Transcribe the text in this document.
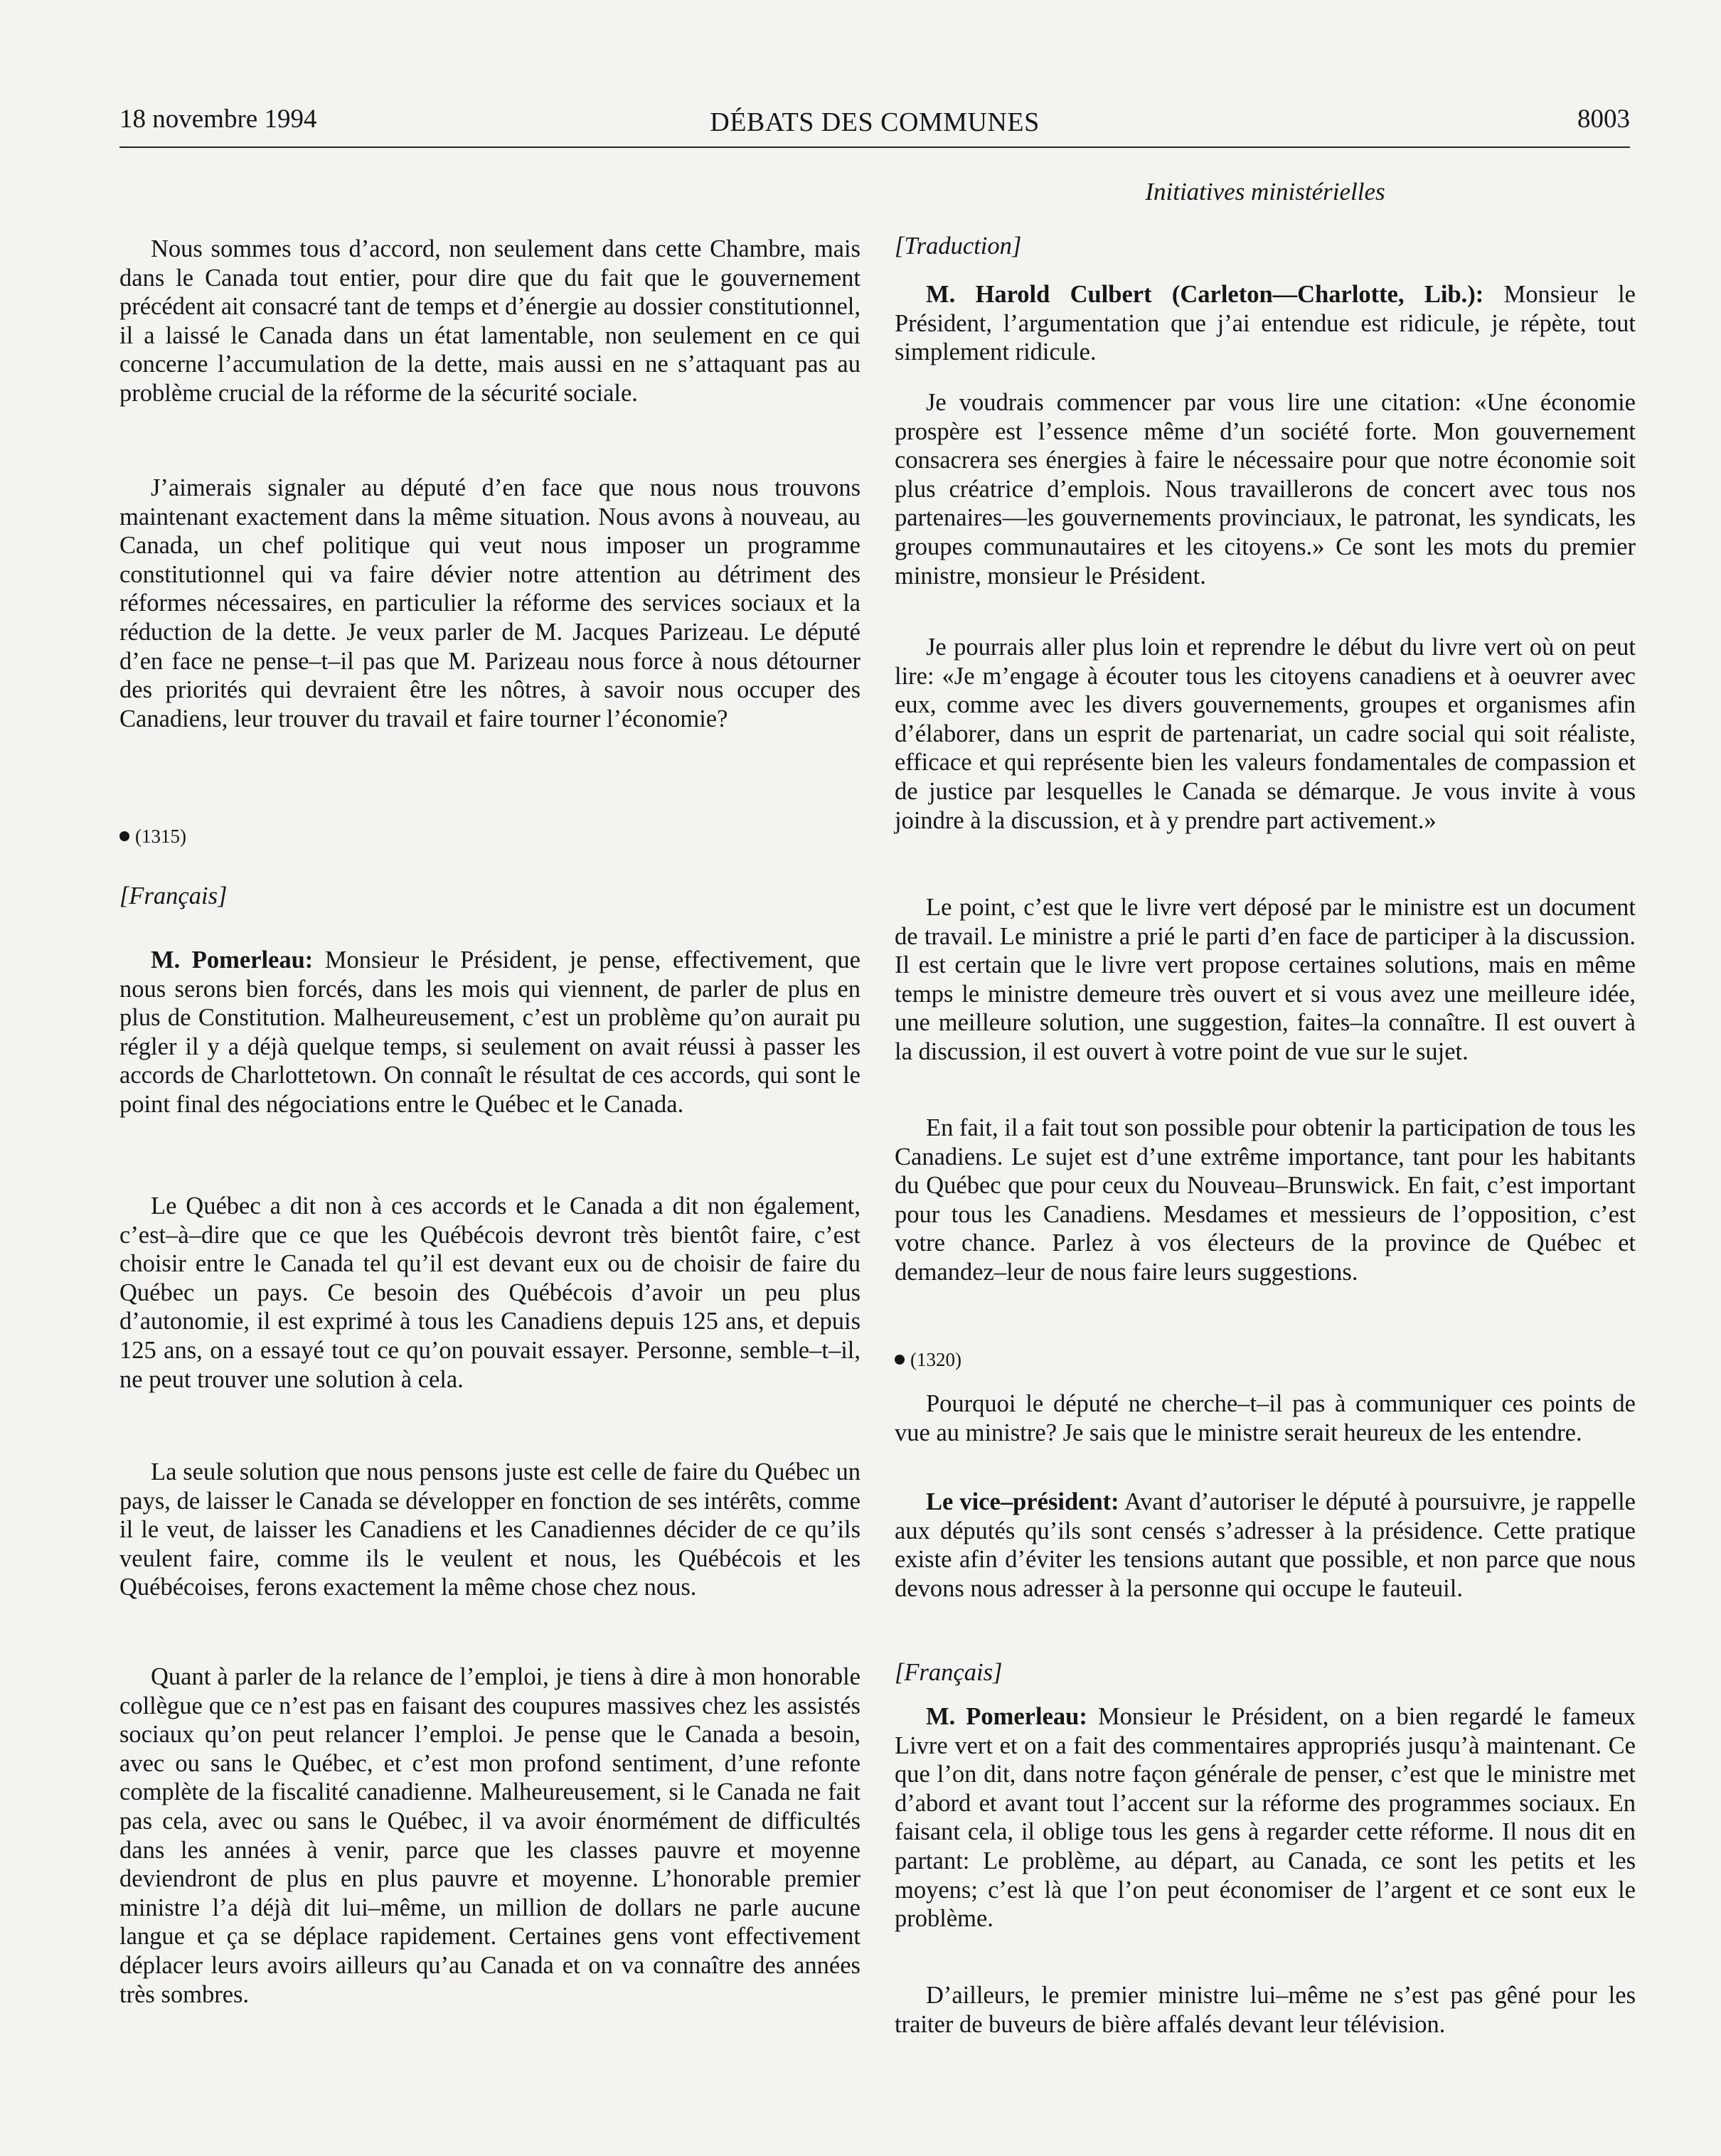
18 novembre 1994	DÉBATS DES COMMUNES	8003
Initiatives ministérielles

Nous sommes tous d’accord, non seulement dans cette Chambre, mais dans le Canada tout entier, pour dire que du fait que le gouvernement précédent ait consacré tant de temps et d’énergie au dossier constitutionnel, il a laissé le Canada dans un état lamentable, non seulement en ce qui concerne l’accumulation de la dette, mais aussi en ne s’attaquant pas au problème crucial de la réforme de la sécurité sociale.

J’aimerais signaler au député d’en face que nous nous trouvons maintenant exactement dans la même situation. Nous avons à nouveau, au Canada, un chef politique qui veut nous imposer un programme constitutionnel qui va faire dévier notre attention au détriment des réformes nécessaires, en particulier la réforme des services sociaux et la réduction de la dette. Je veux parler de M. Jacques Parizeau. Le député d’en face ne pense–t–il pas que M. Parizeau nous force à nous détourner des priorités qui devraient être les nôtres, à savoir nous occuper des Canadiens, leur trouver du travail et faire tourner l’économie?

(1315)

[Français]

M. Pomerleau: Monsieur le Président, je pense, effectivement, que nous serons bien forcés, dans les mois qui viennent, de parler de plus en plus de Constitution. Malheureusement, c’est un problème qu’on aurait pu régler il y a déjà quelque temps, si seulement on avait réussi à passer les accords de Charlottetown. On connaît le résultat de ces accords, qui sont le point final des négociations entre le Québec et le Canada.

Le Québec a dit non à ces accords et le Canada a dit non également, c’est–à–dire que ce que les Québécois devront très bientôt faire, c’est choisir entre le Canada tel qu’il est devant eux ou de choisir de faire du Québec un pays. Ce besoin des Québécois d’avoir un peu plus d’autonomie, il est exprimé à tous les Canadiens depuis 125 ans, et depuis 125 ans, on a essayé tout ce qu’on pouvait essayer. Personne, semble–t–il, ne peut trouver une solution à cela.

La seule solution que nous pensons juste est celle de faire du Québec un pays, de laisser le Canada se développer en fonction de ses intérêts, comme il le veut, de laisser les Canadiens et les Canadiennes décider de ce qu’ils veulent faire, comme ils le veulent et nous, les Québécois et les Québécoises, ferons exactement la même chose chez nous.

Quant à parler de la relance de l’emploi, je tiens à dire à mon honorable collègue que ce n’est pas en faisant des coupures massives chez les assistés sociaux qu’on peut relancer l’emploi. Je pense que le Canada a besoin, avec ou sans le Québec, et c’est mon profond sentiment, d’une refonte complète de la fiscalité canadienne. Malheureusement, si le Canada ne fait pas cela, avec ou sans le Québec, il va avoir énormément de difficultés dans les années à venir, parce que les classes pauvre et moyenne deviendront de plus en plus pauvre et moyenne. L’honorable premier ministre l’a déjà dit lui–même, un million de dollars ne parle aucune langue et ça se déplace rapidement. Certaines gens vont effectivement déplacer leurs avoirs ailleurs qu’au Canada et on va connaître des années très sombres.

[Traduction]

M. Harold Culbert (Carleton—Charlotte, Lib.): Monsieur le Président, l’argumentation que j’ai entendue est ridicule, je répète, tout simplement ridicule.

Je voudrais commencer par vous lire une citation: «Une économie prospère est l’essence même d’un société forte. Mon gouvernement consacrera ses énergies à faire le nécessaire pour que notre économie soit plus créatrice d’emplois. Nous travaillerons de concert avec tous nos partenaires—les gouvernements provinciaux, le patronat, les syndicats, les groupes communautaires et les citoyens.» Ce sont les mots du premier ministre, monsieur le Président.

Je pourrais aller plus loin et reprendre le début du livre vert où on peut lire: «Je m’engage à écouter tous les citoyens canadiens et à oeuvrer avec eux, comme avec les divers gouvernements, groupes et organismes afin d’élaborer, dans un esprit de partenariat, un cadre social qui soit réaliste, efficace et qui représente bien les valeurs fondamentales de compassion et de justice par lesquelles le Canada se démarque. Je vous invite à vous joindre à la discussion, et à y prendre part activement.»

Le point, c’est que le livre vert déposé par le ministre est un document de travail. Le ministre a prié le parti d’en face de participer à la discussion. Il est certain que le livre vert propose certaines solutions, mais en même temps le ministre demeure très ouvert et si vous avez une meilleure idée, une meilleure solution, une suggestion, faites–la connaître. Il est ouvert à la discussion, il est ouvert à votre point de vue sur le sujet.

En fait, il a fait tout son possible pour obtenir la participation de tous les Canadiens. Le sujet est d’une extrême importance, tant pour les habitants du Québec que pour ceux du Nouveau–Brunswick. En fait, c’est important pour tous les Canadiens. Mesdames et messieurs de l’opposition, c’est votre chance. Parlez à vos électeurs de la province de Québec et demandez–leur de nous faire leurs suggestions.

(1320)

Pourquoi le député ne cherche–t–il pas à communiquer ces points de vue au ministre? Je sais que le ministre serait heureux de les entendre.

Le vice–président: Avant d’autoriser le député à poursuivre, je rappelle aux députés qu’ils sont censés s’adresser à la présidence. Cette pratique existe afin d’éviter les tensions autant que possible, et non parce que nous devons nous adresser à la personne qui occupe le fauteuil.

[Français]

M. Pomerleau: Monsieur le Président, on a bien regardé le fameux Livre vert et on a fait des commentaires appropriés jusqu’à maintenant. Ce que l’on dit, dans notre façon générale de penser, c’est que le ministre met d’abord et avant tout l’accent sur la réforme des programmes sociaux. En faisant cela, il oblige tous les gens à regarder cette réforme. Il nous dit en partant: Le problème, au départ, au Canada, ce sont les petits et les moyens; c’est là que l’on peut économiser de l’argent et ce sont eux le problème.

D’ailleurs, le premier ministre lui–même ne s’est pas gêné pour les traiter de buveurs de bière affalés devant leur télévision.
